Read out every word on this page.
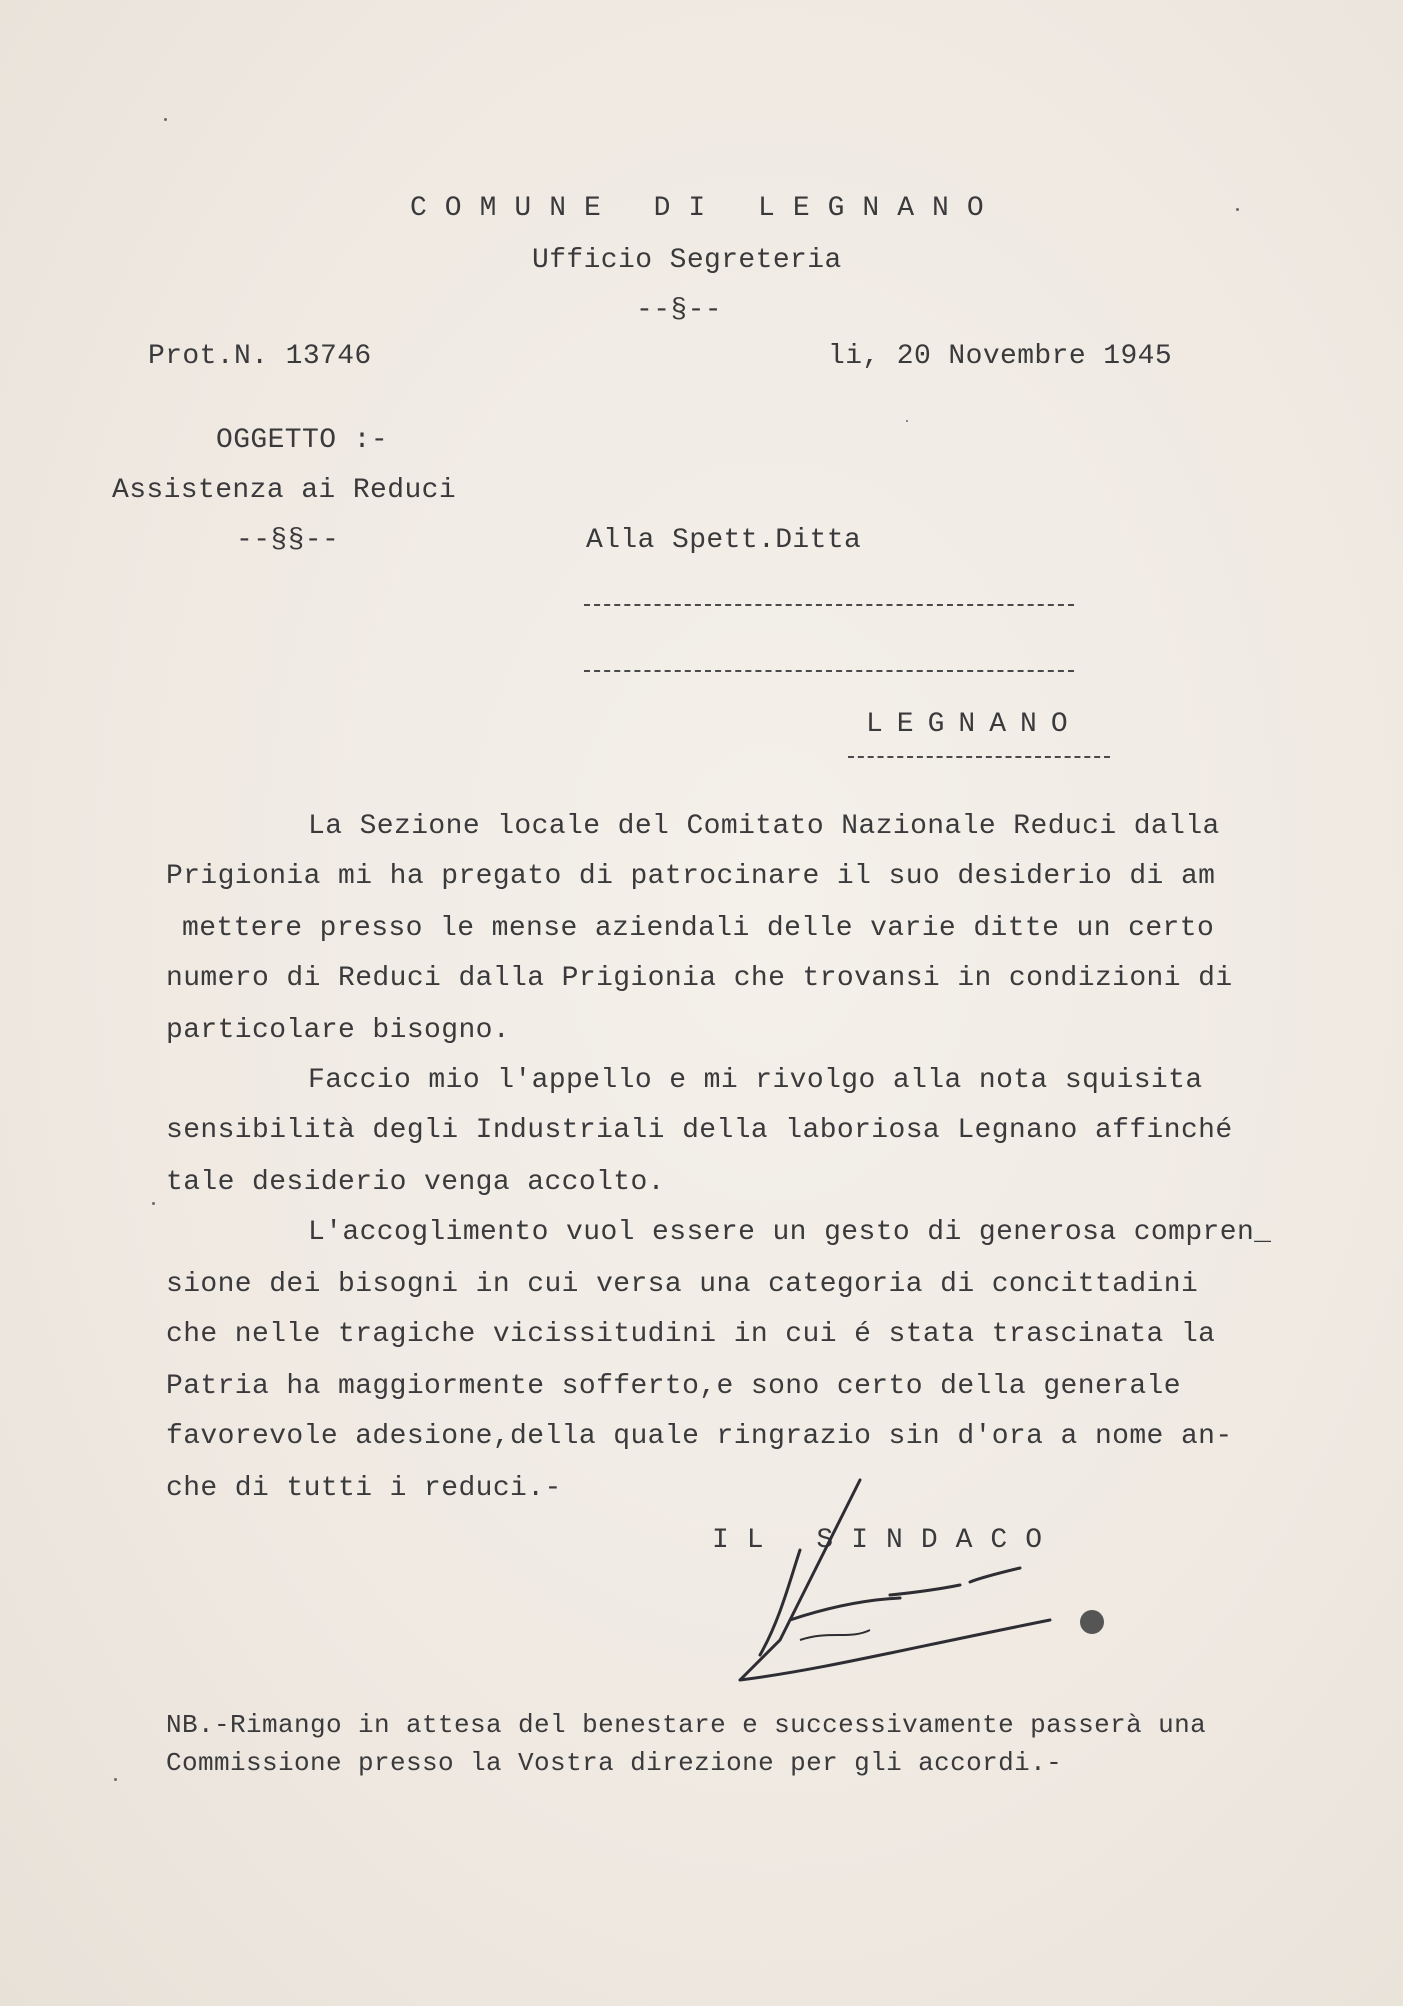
COMUNE DI LEGNANO
Ufficio Segreteria
--§--
Prot.N. 13746	li, 20 Novembre 1945
OGGETTO :-
Assistenza ai Reduci
--§§--	Alla Spett.Ditta
LEGNANO
La Sezione locale del Comitato Nazionale Reduci dalla
Prigionia mi ha pregato di patrocinare il suo desiderio di am
mettere presso le mense aziendali delle varie ditte un certo
numero di Reduci dalla Prigionia che trovansi in condizioni di
particolare bisogno.
Faccio mio l'appello e mi rivolgo alla nota squisita
sensibilità degli Industriali della laboriosa Legnano affinché
tale desiderio venga accolto.
L'accoglimento vuol essere un gesto di generosa compren_
sione dei bisogni in cui versa una categoria di concittadini
che nelle tragiche vicissitudini in cui é stata trascinata la
Patria ha maggiormente sofferto,e sono certo della generale
favorevole adesione,della quale ringrazio sin d'ora a nome an-
che di tutti i reduci.-
IL SINDACO
NB.-Rimango in attesa del benestare e successivamente passerà una
Commissione presso la Vostra direzione per gli accordi.-
